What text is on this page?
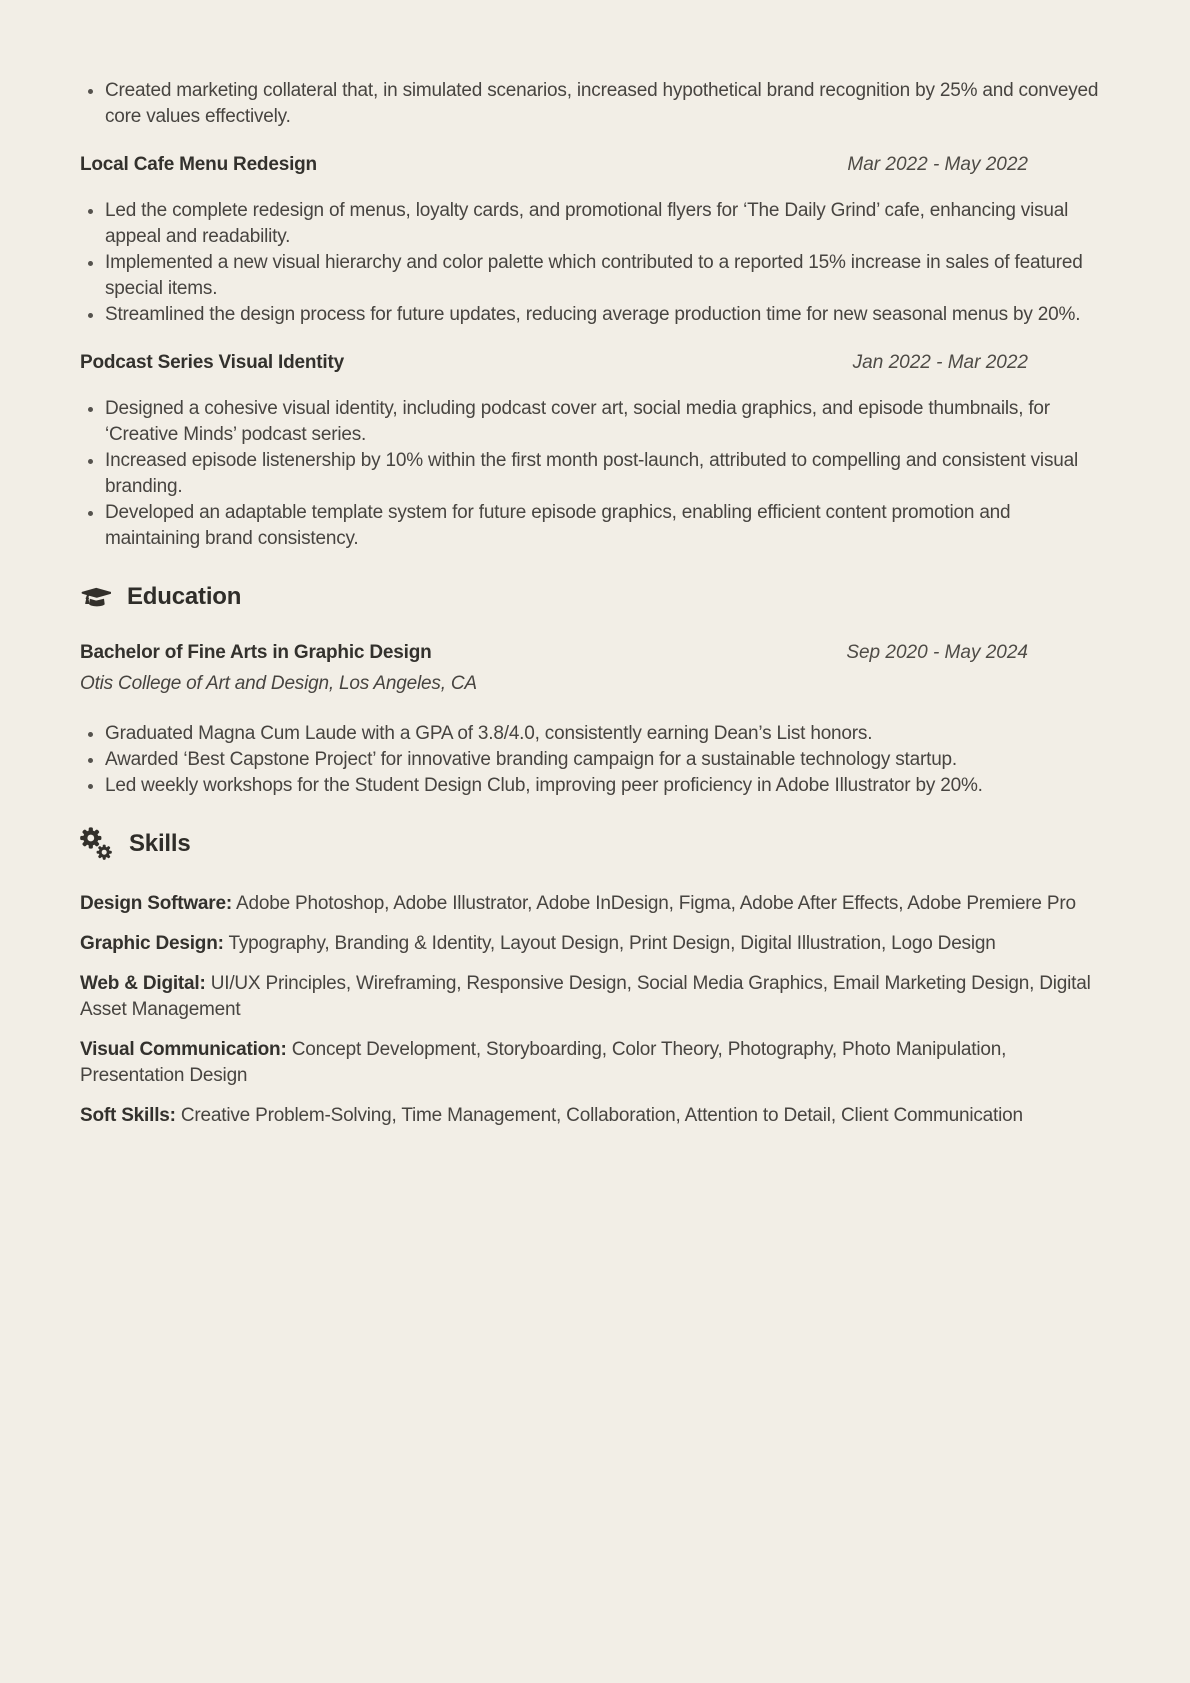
Created marketing collateral that, in simulated scenarios, increased hypothetical brand recognition by 25% and conveyed core values effectively.
Local Cafe Menu Redesign	Mar 2022 - May 2022
Led the complete redesign of menus, loyalty cards, and promotional flyers for ‘The Daily Grind’ cafe, enhancing visual appeal and readability.
Implemented a new visual hierarchy and color palette which contributed to a reported 15% increase in sales of featured special items.
Streamlined the design process for future updates, reducing average production time for new seasonal menus by 20%.
Podcast Series Visual Identity	Jan 2022 - Mar 2022
Designed a cohesive visual identity, including podcast cover art, social media graphics, and episode thumbnails, for ‘Creative Minds’ podcast series.
Increased episode listenership by 10% within the first month post-launch, attributed to compelling and consistent visual branding.
Developed an adaptable template system for future episode graphics, enabling efficient content promotion and maintaining brand consistency.
Education
Bachelor of Fine Arts in Graphic Design	Sep 2020 - May 2024
Otis College of Art and Design, Los Angeles, CA
Graduated Magna Cum Laude with a GPA of 3.8/4.0, consistently earning Dean’s List honors.
Awarded ‘Best Capstone Project’ for innovative branding campaign for a sustainable technology startup.
Led weekly workshops for the Student Design Club, improving peer proficiency in Adobe Illustrator by 20%.
Skills

Design Software: Adobe Photoshop, Adobe Illustrator, Adobe InDesign, Figma, Adobe After Effects, Adobe Premiere Pro

Graphic Design: Typography, Branding & Identity, Layout Design, Print Design, Digital Illustration, Logo Design

Web & Digital: UI/UX Principles, Wireframing, Responsive Design, Social Media Graphics, Email Marketing Design, Digital Asset Management

Visual Communication: Concept Development, Storyboarding, Color Theory, Photography, Photo Manipulation, Presentation Design

Soft Skills: Creative Problem-Solving, Time Management, Collaboration, Attention to Detail, Client Communication
